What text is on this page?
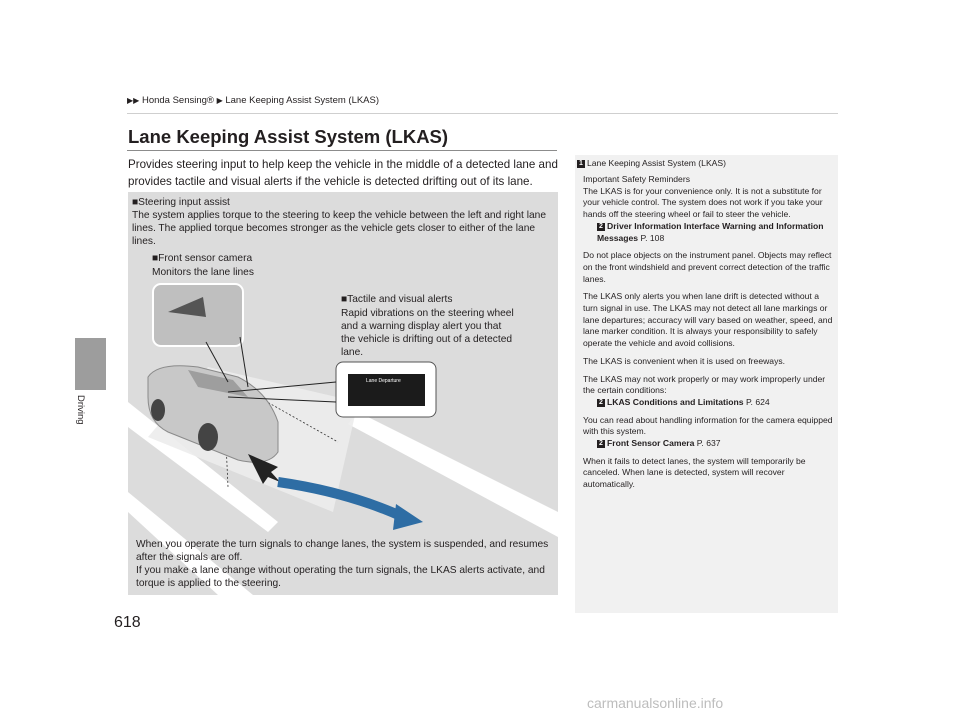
▶▶ Honda Sensing® ▶ Lane Keeping Assist System (LKAS)
Driving
618
Lane Keeping Assist System (LKAS)
Provides steering input to help keep the vehicle in the middle of a detected lane and provides tactile and visual alerts if the vehicle is detected drifting out of its lane.
■Steering input assist
The system applies torque to the steering to keep the vehicle between the left and right lane lines. The applied torque becomes stronger as the vehicle gets closer to either of the lane lines.
■Front sensor camera
Monitors the lane lines
■Tactile and visual alerts
Rapid vibrations on the steering wheel and a warning display alert you that the vehicle is drifting out of a detected lane.
Lane Departure
When you operate the turn signals to change lanes, the system is suspended, and resumes after the signals are off.
If you make a lane change without operating the turn signals, the LKAS alerts activate, and torque is applied to the steering.
1 Lane Keeping Assist System (LKAS)

Important Safety Reminders

The LKAS is for your convenience only. It is not a substitute for your vehicle control. The system does not work if you take your hands off the steering wheel or fail to steer the vehicle.

2 Driver Information Interface Warning and Information Messages P. 108

Do not place objects on the instrument panel. Objects may reflect on the front windshield and prevent correct detection of the traffic lanes.

The LKAS only alerts you when lane drift is detected without a turn signal in use. The LKAS may not detect all lane markings or lane departures; accuracy will vary based on weather, speed, and lane marker condition. It is always your responsibility to safely operate the vehicle and avoid collisions.

The LKAS is convenient when it is used on freeways.

The LKAS may not work properly or may work improperly under the certain conditions:

2 LKAS Conditions and Limitations P. 624

You can read about handling information for the camera equipped with this system.

2 Front Sensor Camera P. 637

When it fails to detect lanes, the system will temporarily be canceled. When lane is detected, system will recover automatically.

carmanualsonline.info
